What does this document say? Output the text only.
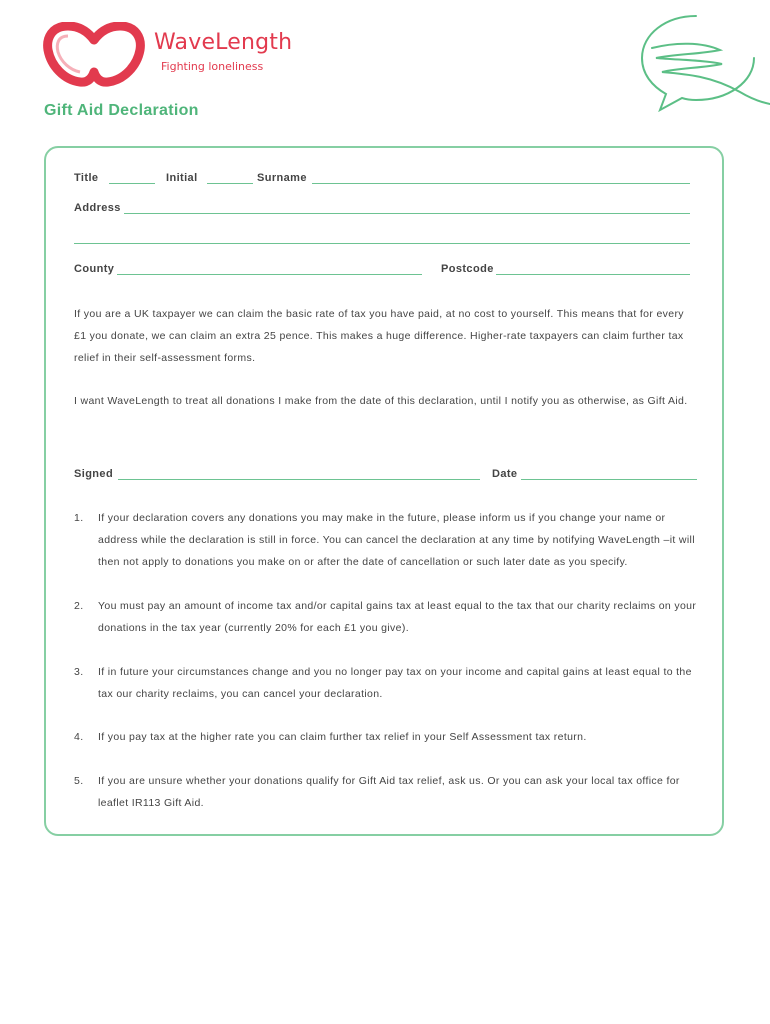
WaveLength
Fighting loneliness
Gift Aid Declaration
Title	Initial	Surname
Address
County	Postcode

If you are a UK taxpayer we can claim the basic rate of tax you have paid, at no cost to yourself. This means that for every £1 you donate, we can claim an extra 25 pence. This makes a huge difference. Higher-rate taxpayers can claim further tax relief in their self-assessment forms.

I want WaveLength to treat all donations I make from the date of this declaration, until I notify you as otherwise, as Gift Aid.

Signed	Date
1. If your declaration covers any donations you may make in the future, please inform us if you change your name or address while the declaration is still in force. You can cancel the declaration at any time by notifying WaveLength –it will then not apply to donations you make on or after the date of cancellation or such later date as you specify.
2. You must pay an amount of income tax and/or capital gains tax at least equal to the tax that our charity reclaims on your donations in the tax year (currently 20% for each £1 you give).
3. If in future your circumstances change and you no longer pay tax on your income and capital gains at least equal to the tax our charity reclaims, you can cancel your declaration.
4. If you pay tax at the higher rate you can claim further tax relief in your Self Assessment tax return.
5. If you are unsure whether your donations qualify for Gift Aid tax relief, ask us. Or you can ask your local tax office for leaflet IR113 Gift Aid.
